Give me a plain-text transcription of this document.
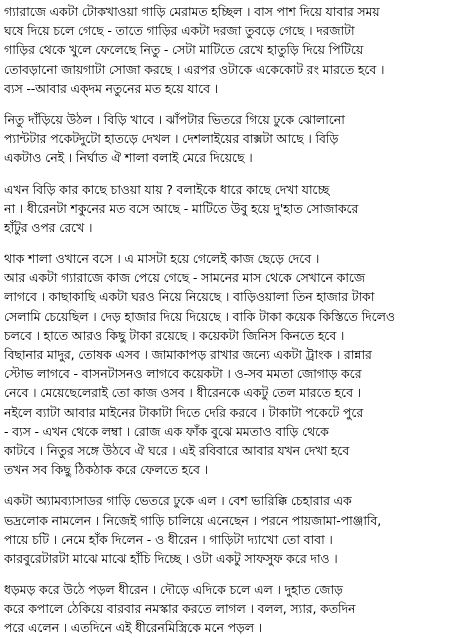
গ্যারাজে একটা টোকখাওয়া গাড়ি মেরামত হচ্ছিল । বাস পাশ দিয়ে যাবার সময়
ঘষে দিয়ে চলে গেছে - তাতে গাড়ির একটা দরজা তুবড়ে গেছে । দরজাটা
গাড়ির থেকে খুলে ফেলেছে নিতু - সেটা মাটিতে রেখে হাতুড়ি দিয়ে পিটিয়ে
তোবড়ানো জায়গাটা সোজা করছে । এরপর ওটাকে একেকোট রং মারতে হবে ।
ব্যস --আবার এক্দম নতুনের মত হয়ে যাবে ।
নিতু দাঁড়িয়ে উঠল । বিড়ি খাবে । ঝাঁপটার ভিতরে গিয়ে ঢুকে ঝোলানো
প্যান্টটার পকেটদুটো হাতড়ে দেখল । দেশলাইয়ের বাক্সটা আছে । বিড়ি
একটাও নেই । নির্ঘাত ঐ শালা বলাই মেরে দিয়েছে ।
এখন বিড়ি কার কাছে চাওয়া যায় ? বলাইকে ধারে কাছে দেখা যাচ্ছে
না । ধীরেনটা শকুনের মত বসে আছে - মাটিতে উবু হয়ে দু'হাত সোজাকরে
হাঁটুর ওপর রেখে ।
থাক শালা ওখানে বসে । এ মাসটা হয়ে গেলেই কাজ ছেড়ে দেবে ।
আর একটা গ্যারাজে কাজ পেয়ে গেছে - সামনের মাস থেকে সেখানে কাজে
লাগবে । কাছাকাছি একটা ঘরও নিয়ে নিয়েছে । বাড়িওয়ালা তিন হাজার টাকা
সেলামি চেয়েছিল । দেড় হাজার দিয়ে দিয়েছে । বাকি টাকা কয়েক কিস্তিতে দিলেও
চলবে । হাতে আরও কিছু টাকা রয়েছে । কয়েকটা জিনিস কিনতে হবে ।
বিছানার মাদুর, তোষক এসব । জামাকাপড় রাখার জন্যে একটা ট্রাংক । রান্নার
স্টোভ লাগবে - বাসনটাসনও লাগবে কয়েকটা । ও-সব মমতা জোগাড় করে
নেবে । মেয়েছেলেরাই তো কাজ ওসব । ধীরেনকে একটু তেল মারতে হবে ।
নইলে ব্যাটা আবার মাইনের টাকাটা দিতে দেরি করবে । টাকাটা পকেটে পুরে
- ব্যস - এখন থেকে লম্বা । রোজ এক ফাঁক বুঝে মমতাও বাড়ি থেকে
কাটবে । নিতুর সঙ্গে উঠবে ঐ ঘরে । এই রবিবারে আবার যখন দেখা হবে
তখন সব কিছু ঠিকঠাক করে ফেলতে হবে ।
একটা অ্যামব্যাসাডর গাড়ি ভেতরে ঢুকে এল । বেশ ভারিক্কি চেহারার এক
ভদ্রলোক নামলেন । নিজেই গাড়ি চালিয়ে এনেছেন । পরনে পায়জামা-পাঞ্জাবি,
পায়ে চটি । নেমে হাঁক দিলেন - ও ধীরেন । গাড়িটা দ্যাখো তো বাবা ।
কারবুরেটারটা মাঝে মাঝে হাঁচি দিচ্ছে । ওটা একটু সাফসুফ করে দাও ।
ধড়মড় করে উঠে পড়ল ধীরেন । দৌড়ে এদিকে চলে এল । দুহাত জোড়
করে কপালে ঠেকিয়ে বারবার নমস্কার করতে লাগল । বলল, স্যার, কতদিন
পরে এলেন । এতদিনে এই ধীরেনমিস্ত্রিকে মনে পড়ল ।
